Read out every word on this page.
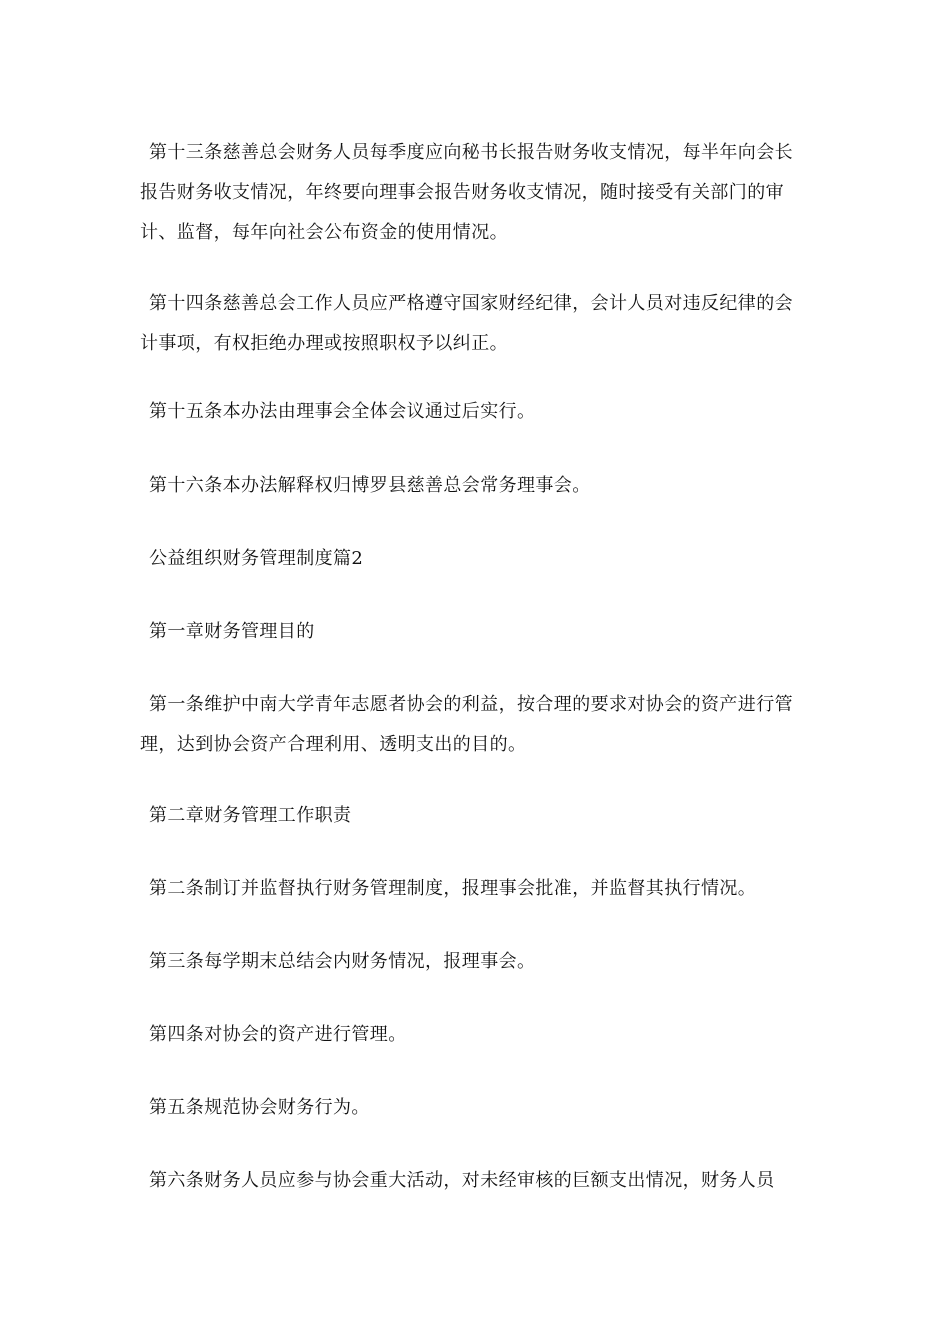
第十三条慈善总会财务人员每季度应向秘书长报告财务收支情况，每半年向会长报告财务收支情况，年终要向理事会报告财务收支情况，随时接受有关部门的审计、监督，每年向社会公布资金的使用情况。

第十四条慈善总会工作人员应严格遵守国家财经纪律，会计人员对违反纪律的会计事项，有权拒绝办理或按照职权予以纠正。

第十五条本办法由理事会全体会议通过后实行。

第十六条本办法解释权归博罗县慈善总会常务理事会。

公益组织财务管理制度篇2

第一章财务管理目的

第一条维护中南大学青年志愿者协会的利益，按合理的要求对协会的资产进行管理，达到协会资产合理利用、透明支出的目的。

第二章财务管理工作职责

第二条制订并监督执行财务管理制度，报理事会批准，并监督其执行情况。

第三条每学期末总结会内财务情况，报理事会。

第四条对协会的资产进行管理。

第五条规范协会财务行为。

第六条财务人员应参与协会重大活动，对未经审核的巨额支出情况，财务人员
